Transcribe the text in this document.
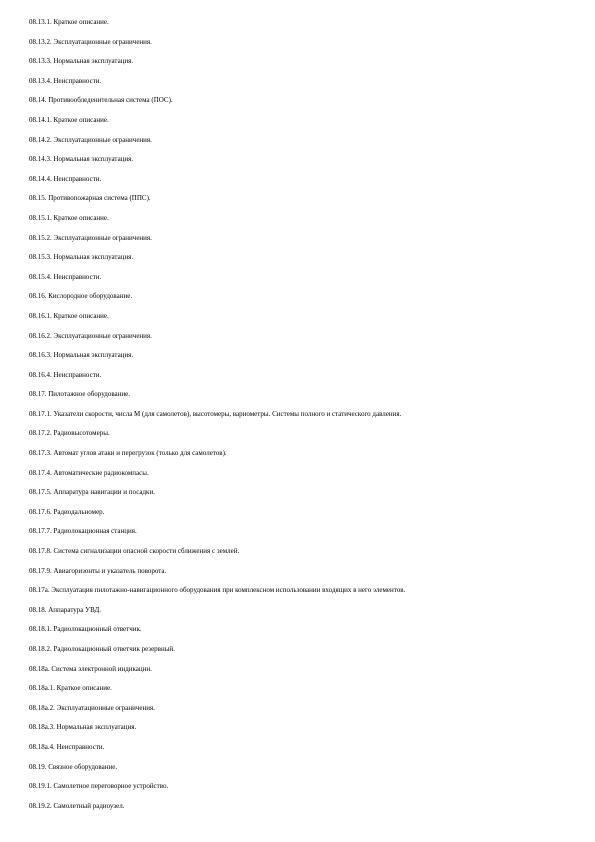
08.13.1. Краткое описание.
08.13.2. Эксплуатационные ограничения.
08.13.3. Нормальная эксплуатация.
08.13.4. Неисправности.
08.14. Противообледенительная система (ПОС).
08.14.1. Краткое описание.
08.14.2. Эксплуатационные ограничения.
08.14.3. Нормальная эксплуатация.
08.14.4. Неисправности.
08.15. Противопожарная система (ППС).
08.15.1. Краткое описание.
08.15.2. Эксплуатационные ограничения.
08.15.3. Нормальная эксплуатация.
08.15.4. Неисправности.
08.16. Кислородное оборудование.
08.16.1. Краткое описание.
08.16.2. Эксплуатационные ограничения.
08.16.3. Нормальная эксплуатация.
08.16.4. Неисправности.
08.17. Пилотажное оборудование.
08.17.1. Указатели скорости, числа М (для самолетов), высотомеры, вариометры. Системы полного и статического давления.
08.17.2. Радиовысотомеры.
08.17.3. Автомат углов атаки и перегрузок (только для самолетов).
08.17.4. Автоматические радиокомпасы.
08.17.5. Аппаратура навигации и посадки.
08.17.6. Радиодальномер.
08.17.7. Радиолокационная станция.
08.17.8. Система сигнализации опасной скорости сближения с землей.
08.17.9. Авиагоризонты и указатель поворота.
08.17а. Эксплуатация пилотажно-навигационного оборудования при комплексном использовании входящих в него элементов.
08.18. Аппаратура УВД.
08.18.1. Радиолокационный ответчик.
08.18.2. Радиолокационный ответчик резервный.
08.18а. Система электронной индикации.
08.18а.1. Краткое описание.
08.18а.2. Эксплуатационные ограничения.
08.18а.3. Нормальная эксплуатация.
08.18а.4. Неисправности.
08.19. Связное оборудование.
08.19.1. Самолетное переговорное устройство.
08.19.2. Самолетный радиоузел.
